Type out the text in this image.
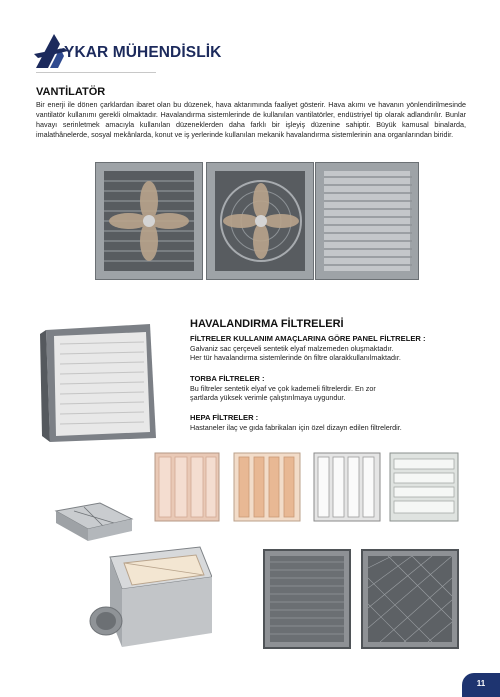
YKAR MÜHENDİSLİK
VANTİLATÖR

Bir enerji ile dönen çarklardan ibaret olan bu düzenek, hava aktarımında faaliyet gösterir. Hava akımı ve havanın yönlendirilmesinde vantilatör kullanımı gerekli olmaktadır. Havalandırma sistemlerinde de kullanılan vantilatörler, endüstriyel tip olarak adlandırılır. Bunlar havayı serinletmek amacıyla kullanılan düzeneklerden daha farklı bir işleyiş düzenine sahiptir. Büyük kamusal binalarda, imalathânelerde, sosyal mekânlarda, konut ve iş yerlerinde kullanılan mekanik havalandırma sistemlerinin ana organlarından biridir.

HAVALANDIRMA FİLTRELERİ

FİLTRELER KULLANIM AMAÇLARINA GÖRE PANEL FİLTRELER :

Galvaniz sac çerçeveli sentetik elyaf malzemeden oluşmaktadır.

Her tür havalandırma sistemlerinde ön filtre olarakkullanılmaktadır.

TORBA FİLTRELER :

Bu filtreler sentetik elyaf ve çok kademeli filtrelerdir. En zor

şartlarda yüksek verimle çalıştırılmaya uygundur.

HEPA FİLTRELER :

Hastaneler ilaç ve gıda fabrikaları için özel dizayn edilen filtrelerdir.

11
